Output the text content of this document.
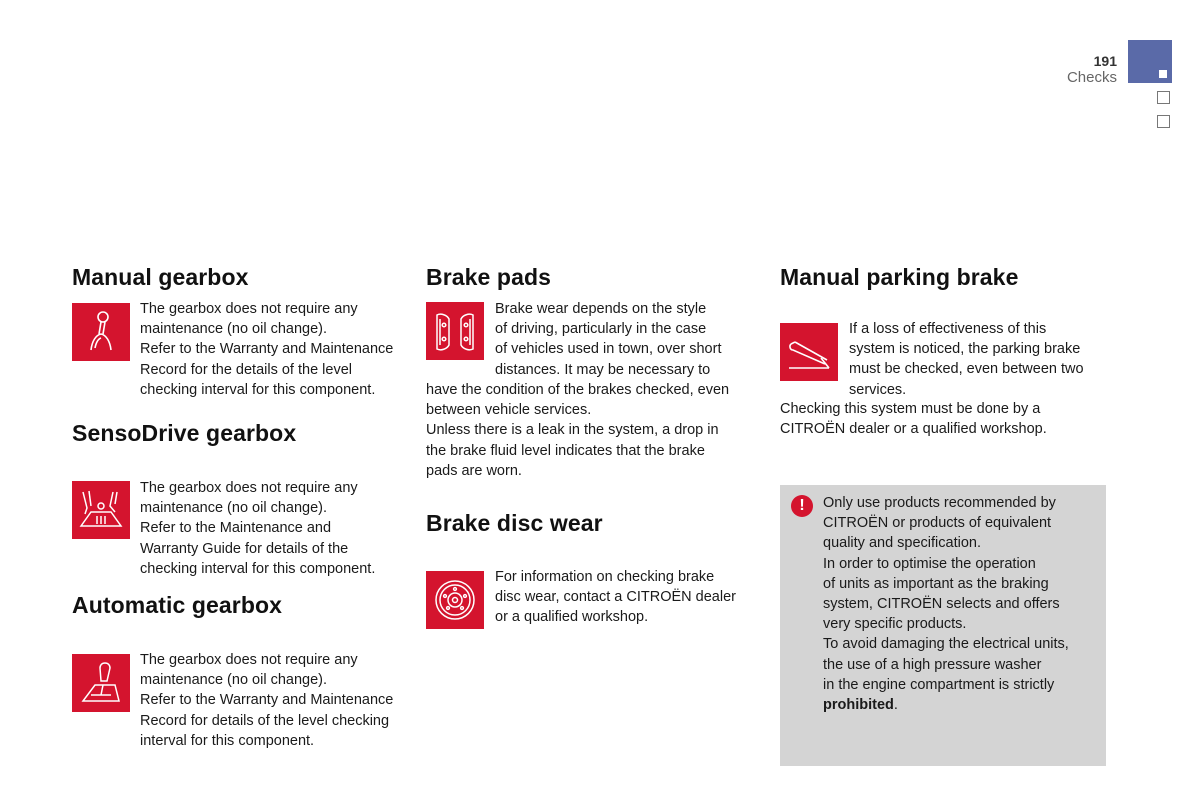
191
Checks
Manual gearbox
The gearbox does not require any
maintenance (no oil change).
Refer to the Warranty and Maintenance
Record for the details of the level
checking interval for this component.
SensoDrive gearbox
The gearbox does not require any
maintenance (no oil change).
Refer to the Maintenance and
Warranty Guide for details of the
checking interval for this component.
Automatic gearbox
The gearbox does not require any
maintenance (no oil change).
Refer to the Warranty and Maintenance
Record for details of the level checking
interval for this component.
Brake pads
Brake wear depends on the style
of driving, particularly in the case
of vehicles used in town, over short
distances. It may be necessary to
have the condition of the brakes checked, even
between vehicle services.
Unless there is a leak in the system, a drop in
the brake fluid level indicates that the brake
pads are worn.
Brake disc wear
For information on checking brake
disc wear, contact a CITROËN dealer
or a qualified workshop.
Manual parking brake
If a loss of effectiveness of this
system is noticed, the parking brake
must be checked, even between two
services.
Checking this system must be done by a
CITROËN dealer or a qualified workshop.
!	Only use products recommended by
CITROËN or products of equivalent
quality and specification.
In order to optimise the operation
of units as important as the braking
system, CITROËN selects and offers
very specific products.
To avoid damaging the electrical units,
the use of a high pressure washer
in the engine compartment is strictly
prohibited.
